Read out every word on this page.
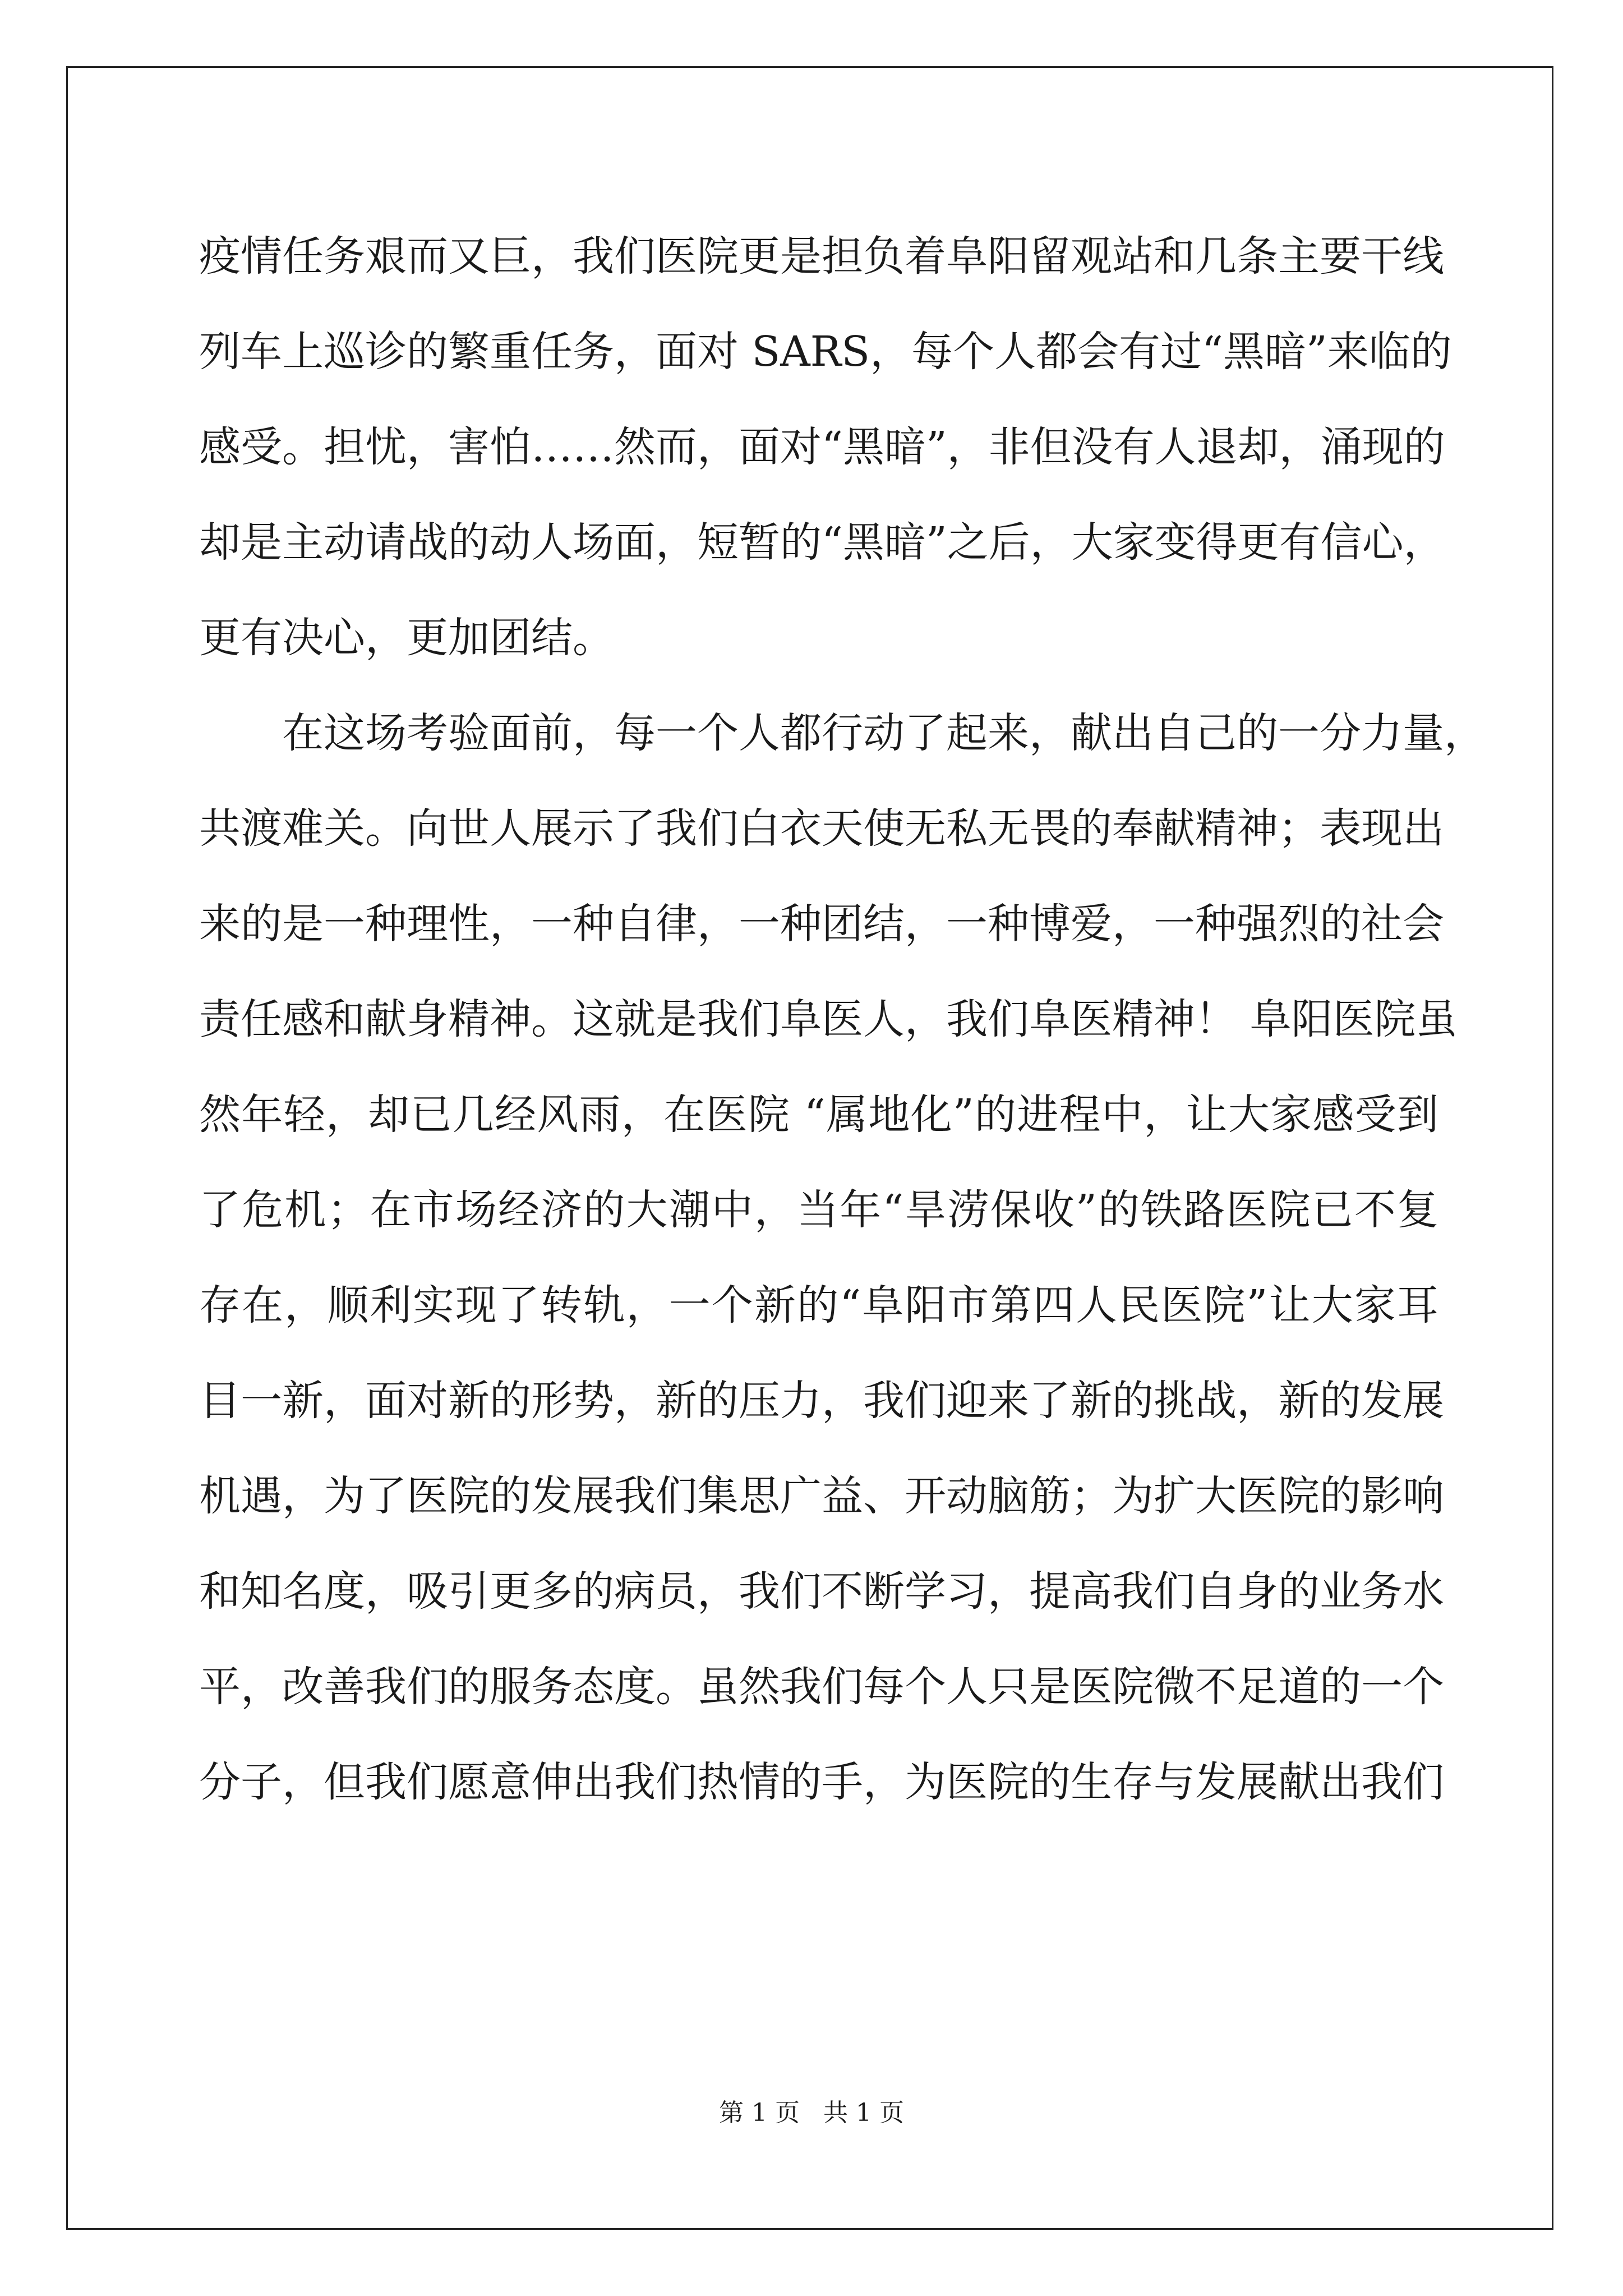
疫情任务艰而又巨，我们医院更是担负着阜阳留观站和几条主要干线
列车上巡诊的繁重任务，面对 SARS，每个人都会有过“黑暗”来临的
感受。担忧，害怕……然而，面对“黑暗”，非但没有人退却，涌现的
却是主动请战的动人场面，短暂的“黑暗”之后，大家变得更有信心，
更有决心，更加团结。
在这场考验面前，每一个人都行动了起来，献出自己的一分力量，
共渡难关。向世人展示了我们白衣天使无私无畏的奉献精神；表现出
来的是一种理性，一种自律，一种团结，一种博爱，一种强烈的社会
责任感和献身精神。这就是我们阜医人，我们阜医精神！ 阜阳医院虽
然年轻，却已几经风雨，在医院 “属地化”的进程中，让大家感受到
了危机；在市场经济的大潮中，当年“旱涝保收”的铁路医院已不复
存在，顺利实现了转轨，一个新的“阜阳市第四人民医院”让大家耳
目一新，面对新的形势，新的压力，我们迎来了新的挑战，新的发展
机遇，为了医院的发展我们集思广益、开动脑筋；为扩大医院的影响
和知名度，吸引更多的病员，我们不断学习，提高我们自身的业务水
平，改善我们的服务态度。虽然我们每个人只是医院微不足道的一个
分子，但我们愿意伸出我们热情的手，为医院的生存与发展献出我们
第 1 页 共 1 页
